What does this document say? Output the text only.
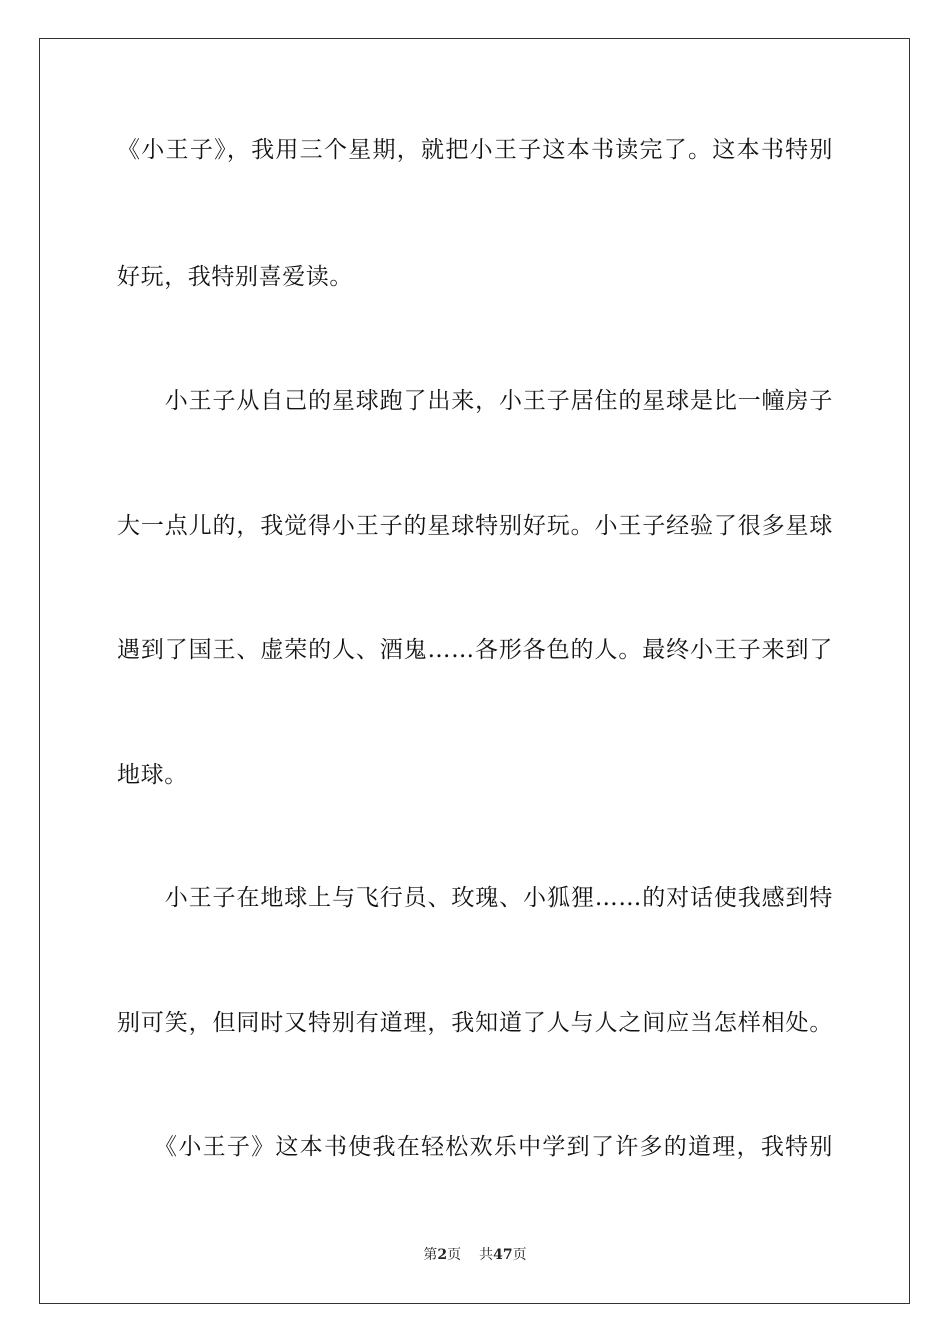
《小王子》，我用三个星期，就把小王子这本书读完了。这本书特别
好玩，我特别喜爱读。
　　小王子从自己的星球跑了出来，小王子居住的星球是比一幢房子
大一点儿的，我觉得小王子的星球特别好玩。小王子经验了很多星球
遇到了国王、虚荣的人、酒鬼……各形各色的人。最终小王子来到了
地球。
　　小王子在地球上与飞行员、玫瑰、小狐狸……的对话使我感到特
别可笑，但同时又特别有道理，我知道了人与人之间应当怎样相处。
　　《小王子》这本书使我在轻松欢乐中学到了许多的道理，我特别
第2页 共47页
